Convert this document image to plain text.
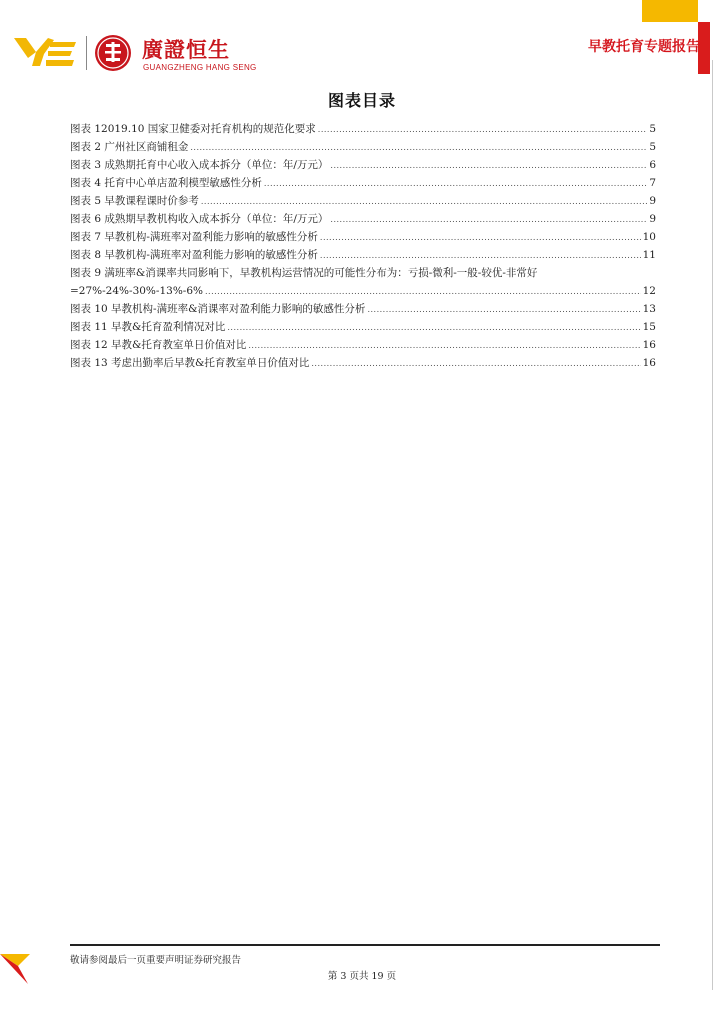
廣證恒生
GUANGZHENG HANG SENG
早教托育专题报告
图表目录
图表 12019.10 国家卫健委对托育机构的规范化要求 .....	5
图表 2 广州社区商铺租金 .....	5
图表 3 成熟期托育中心收入成本拆分（单位：年/万元） .....	6
图表 4 托育中心单店盈利模型敏感性分析 .....	7
图表 5 早教课程课时价参考 .....	9
图表 6 成熟期早教机构收入成本拆分（单位：年/万元） .....	9
图表 7 早教机构-满班率对盈利能力影响的敏感性分析 .....	10
图表 8 早教机构-满班率对盈利能力影响的敏感性分析 .....	11
图表 9 满班率&消课率共同影响下，早教机构运营情况的可能性分布为：亏损-微利-一般-较优-非常好
=27%-24%-30%-13%-6% .....	12
图表 10 早教机构-满班率&消课率对盈利能力影响的敏感性分析 .....	13
图表 11 早教&托育盈利情况对比 .....	15
图表 12 早教&托育教室单日价值对比 .....	16
图表 13 考虑出勤率后早教&托育教室单日价值对比 .....	16
敬请参阅最后一页重要声明证券研究报告
第 3 页共 19 页
